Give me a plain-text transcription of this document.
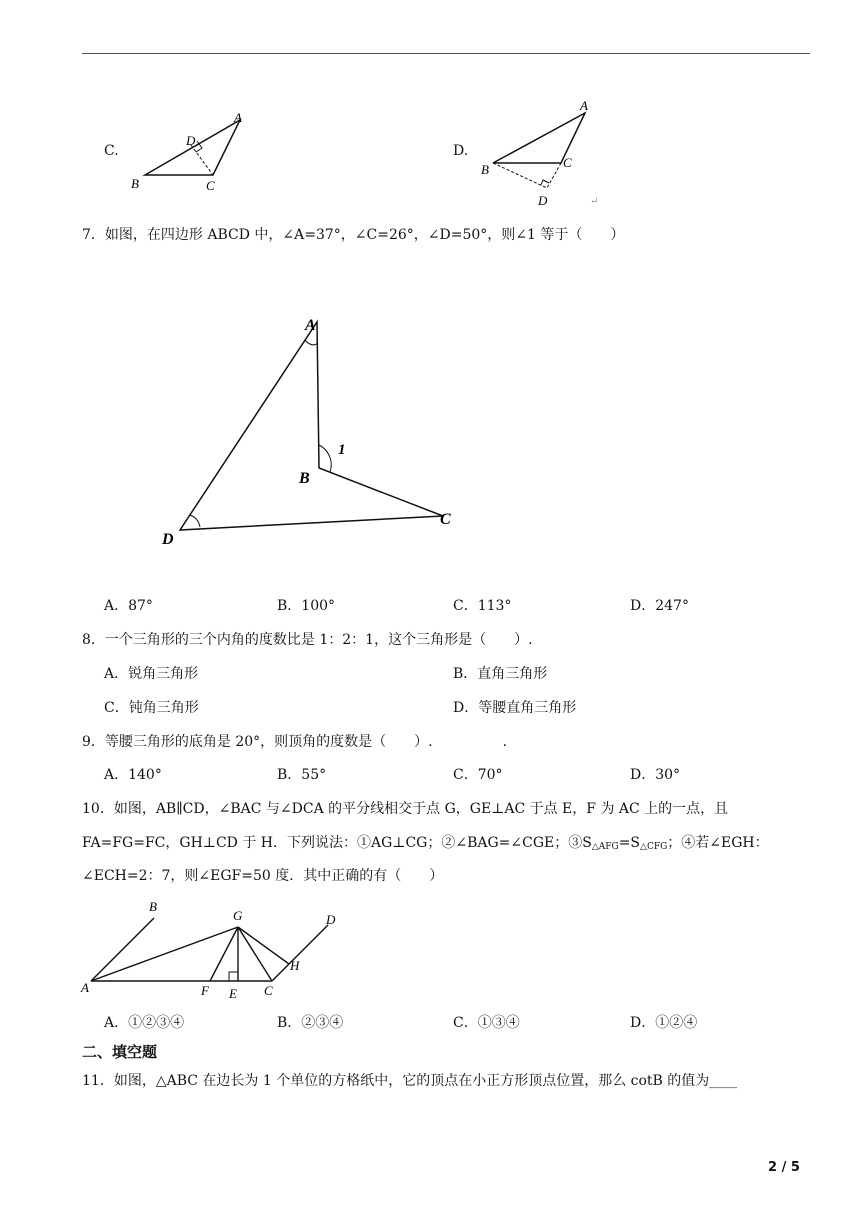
C.
A
B	C
D
D.
A
B	C
D	↵
7．如图，在四边形 ABCD 中，∠A=37°，∠C=26°，∠D=50°，则∠1 等于（　　）
A
B
C
D
1
A．87°	B．100°	C．113°	D．247°
8．一个三角形的三个内角的度数比是 1：2：1，这个三角形是（　　）.
A．锐角三角形	B．直角三角形
C．钝角三角形	D．等腰直角三角形
9．等腰三角形的底角是 20°，则顶角的度数是（　　）.　　　　　.
A．140°	B．55°	C．70°	D．30°
10．如图，AB∥CD，∠BAC 与∠DCA 的平分线相交于点 G，GE⊥AC 于点 E，F 为 AC 上的一点，且
FA=FG=FC，GH⊥CD 于 H．下列说法：①AG⊥CG；②∠BAG=∠CGE；$③S_{\triangle AFG}=S_{\triangle CFG}$；④若∠EGH：
∠ECH=2：7，则∠EGF=50 度．其中正确的有（　　）
B
G	D
H
A	F E C
A．①②③④	B．②③④	C．①③④	D．①②④
二、填空题
11．如图，△ABC 在边长为 1 个单位的方格纸中，它的顶点在小正方形顶点位置，那么 cotB 的值为____
2 / 5
